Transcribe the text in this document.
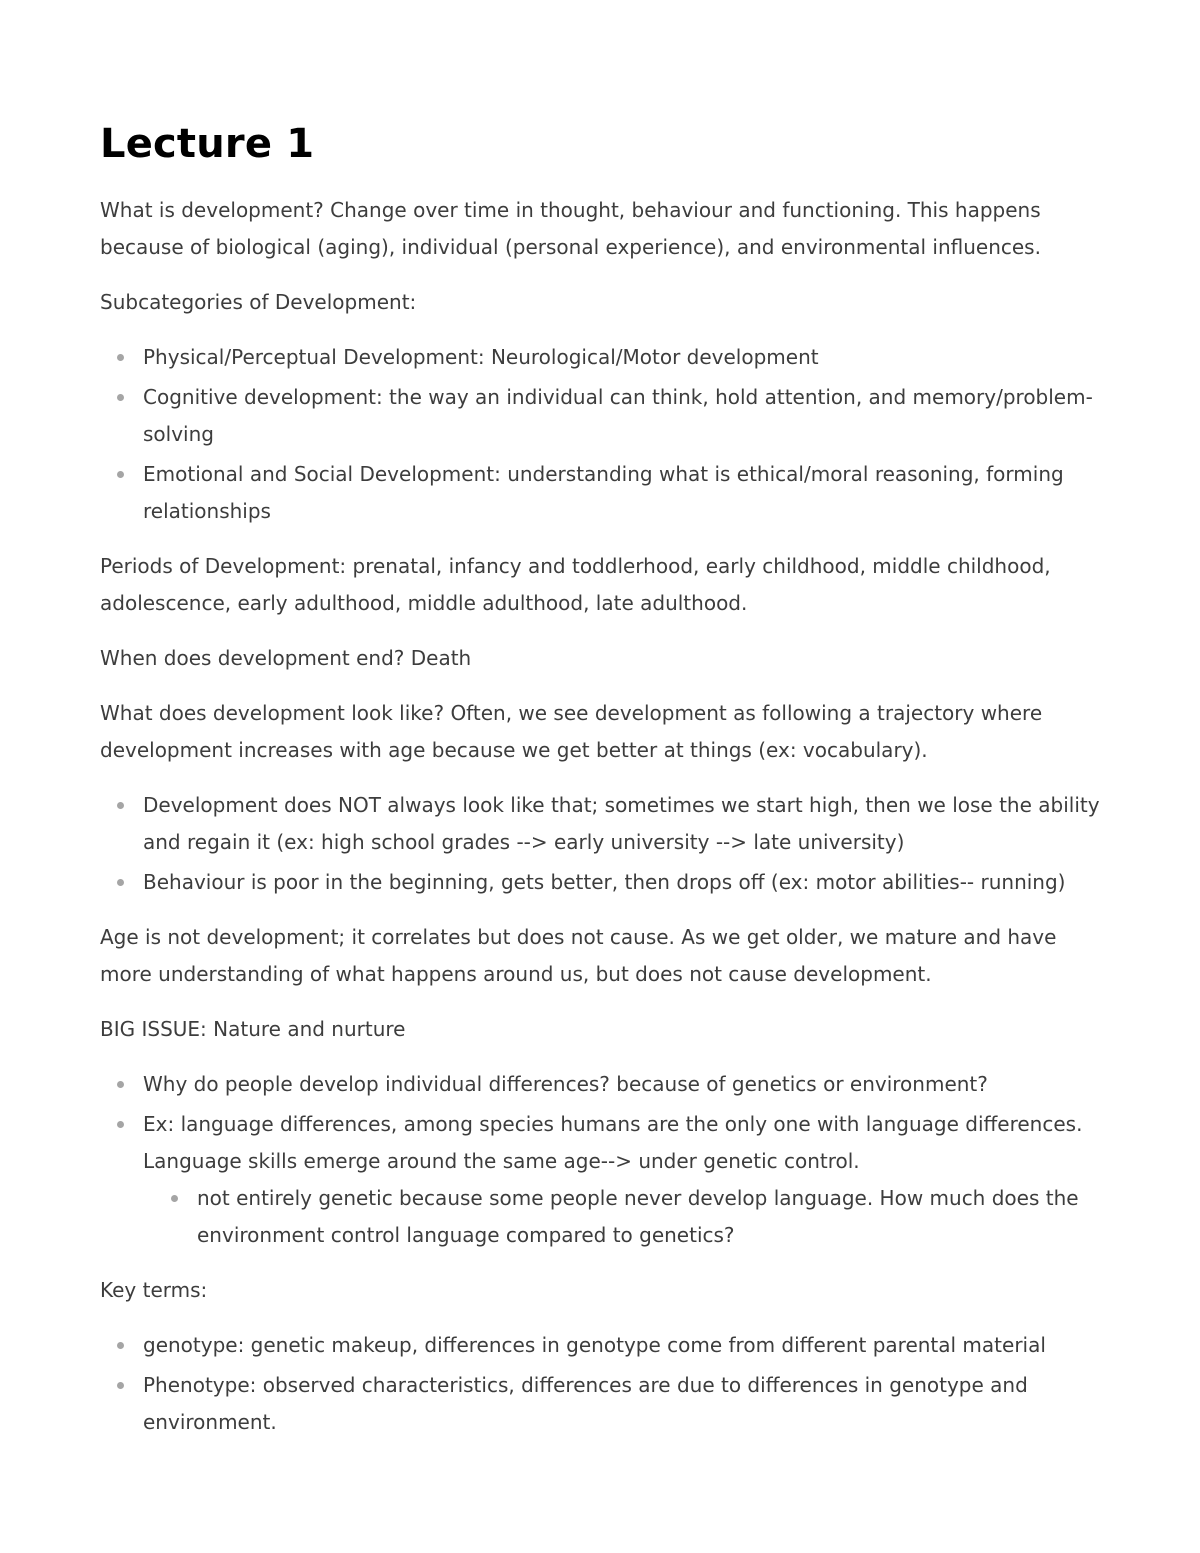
Lecture 1

What is development? Change over time in thought, behaviour and functioning. This happens because of biological (aging), individual (personal experience), and environmental influences.

Subcategories of Development:

Physical/Perceptual Development: Neurological/Motor development
Cognitive development: the way an individual can think, hold attention, and memory/problem-solving
Emotional and Social Development: understanding what is ethical/moral reasoning, forming relationships

Periods of Development: prenatal, infancy and toddlerhood, early childhood, middle childhood, adolescence, early adulthood, middle adulthood, late adulthood.

When does development end? Death

What does development look like? Often, we see development as following a trajectory where development increases with age because we get better at things (ex: vocabulary).

Development does NOT always look like that; sometimes we start high, then we lose the ability and regain it (ex: high school grades --> early university --> late university)
Behaviour is poor in the beginning, gets better, then drops off (ex: motor abilities-- running)

Age is not development; it correlates but does not cause. As we get older, we mature and have more understanding of what happens around us, but does not cause development.

BIG ISSUE: Nature and nurture

Why do people develop individual differences? because of genetics or environment?
Ex: language differences, among species humans are the only one with language differences. Language skills emerge around the same age--> under genetic control.
not entirely genetic because some people never develop language. How much does the environment control language compared to genetics?

Key terms:

genotype: genetic makeup, differences in genotype come from different parental material
Phenotype: observed characteristics, differences are due to differences in genotype and environment.
